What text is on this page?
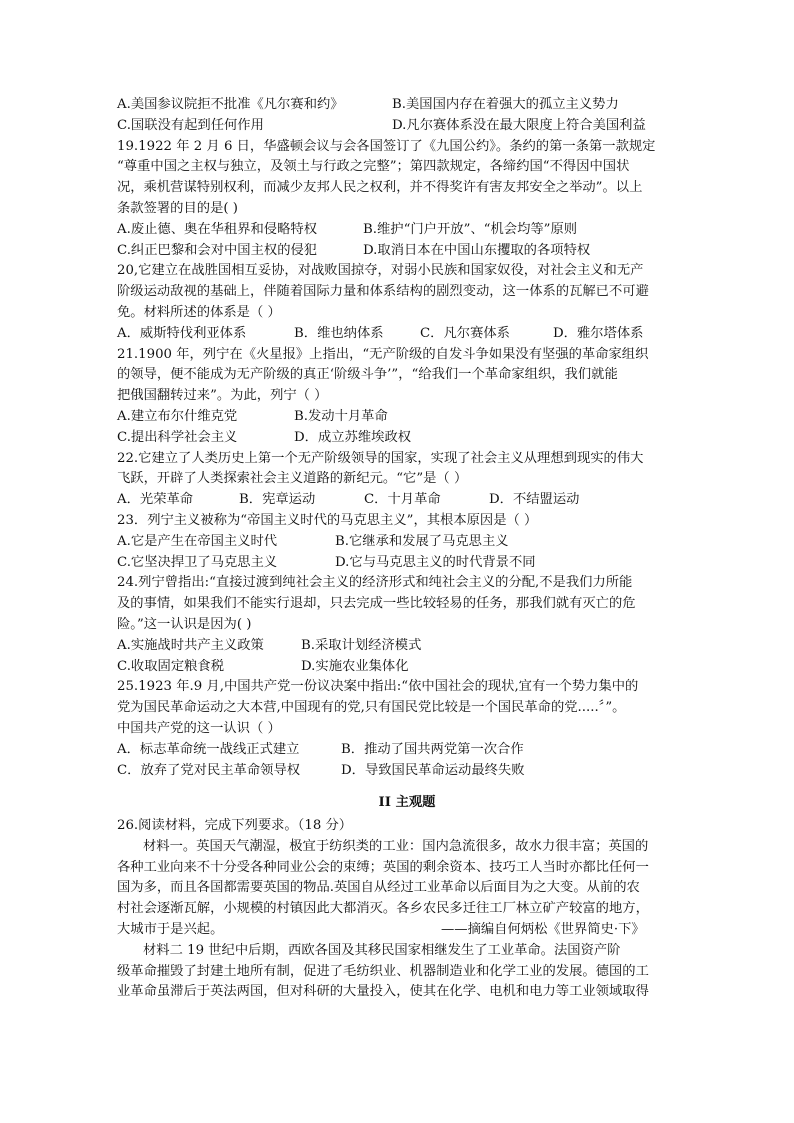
A.美国参议院拒不批准《凡尔赛和约》	B.美国国内存在着强大的孤立主义势力
C.国联没有起到任何作用	D.凡尔赛体系没在最大限度上符合美国利益
19.1922 年 2 月 6 日，华盛顿会议与会各国签订了《九国公约》。条约的第一条第一款规定
“尊重中国之主权与独立，及领土与行政之完整”；第四款规定，各缔约国“不得因中国状
况，乘机营谋特别权利，而减少友邦人民之权利，并不得奖许有害友邦安全之举动”。以上
条款签署的目的是( )
A.废止德、奥在华租界和侵略特权	B.维护“门户开放”、“机会均等”原则
C.纠正巴黎和会对中国主权的侵犯	D.取消日本在中国山东攫取的各项特权
20,它建立在战胜国相互妥协，对战败国掠夺，对弱小民族和国家奴役，对社会主义和无产
阶级运动敌视的基础上，伴随着国际力量和体系结构的剧烈变动，这一体系的瓦解已不可避
免。材料所述的体系是（ ）
A．威斯特伐利亚体系	B．维也纳体系	C．凡尔赛体系	D．雅尔塔体系
21.1900 年，列宁在《火星报》上指出，“无产阶级的自发斗争如果没有坚强的革命家组织
的领导，便不能成为无产阶级的真正‘阶级斗争’”，“给我们一个革命家组织，我们就能
把俄国翻转过来”。为此，列宁（ ）
A.建立布尔什维克党	B.发动十月革命
C.提出科学社会主义	D．成立苏维埃政权
22.它建立了人类历史上第一个无产阶级领导的国家，实现了社会主义从理想到现实的伟大
飞跃，开辟了人类探索社会主义道路的新纪元。“它”是（ ）
A．光荣革命	B．宪章运动	C．十月革命	D．不结盟运动
23．列宁主义被称为“帝国主义时代的马克思主义”，其根本原因是（ ）
A.它是产生在帝国主义时代	B.它继承和发展了马克思主义
C.它坚决捍卫了马克思主义	D.它与马克思主义的时代背景不同
24.列宁曾指出:“直接过渡到纯社会主义的经济形式和纯社会主义的分配,不是我们力所能
及的事情，如果我们不能实行退却，只去完成一些比较轻易的任务，那我们就有灭亡的危
险。”这一认识是因为( )
A.实施战时共产主义政策	B.采取计划经济模式
C.收取固定粮食税	D.实施农业集体化
25.1923 年.9 月,中国共产党一份议决案中指出:“依中国社会的现状,宜有一个势力集中的
党为国民革命运动之大本营,中国现有的党,只有国民党比较是一个国民革命的党.....〞”。
中国共产党的这一认识（ ）
A．标志革命统一战线正式建立	B．推动了国共两党第一次合作
C．放弃了党对民主革命领导权	D．导致国民革命运动最终失败
II 主观题
26.阅读材料，完成下列要求。（18 分）
材料一。英国天气潮湿，极宜于纺织类的工业：国内急流很多，故水力很丰富；英国的
各种工业向来不十分受各种同业公会的束缚；英国的剩余资本、技巧工人当时亦都比任何一
国为多，而且各国都需要英国的物品.英国自从经过工业革命以后面目为之大变。从前的农
村社会逐渐瓦解，小规模的村镇因此大都消灭。各乡农民多迁往工厂林立矿产较富的地方，
大城市于是兴起。	——摘编自何炳松《世界简史·下》
材料二 19 世纪中后期，西欧各国及其移民国家相继发生了工业革命。法国资产阶
级革命摧毁了封建土地所有制，促进了毛纺织业、机器制造业和化学工业的发展。德国的工
业革命虽滞后于英法两国，但对科研的大量投入，使其在化学、电机和电力等工业领域取得
